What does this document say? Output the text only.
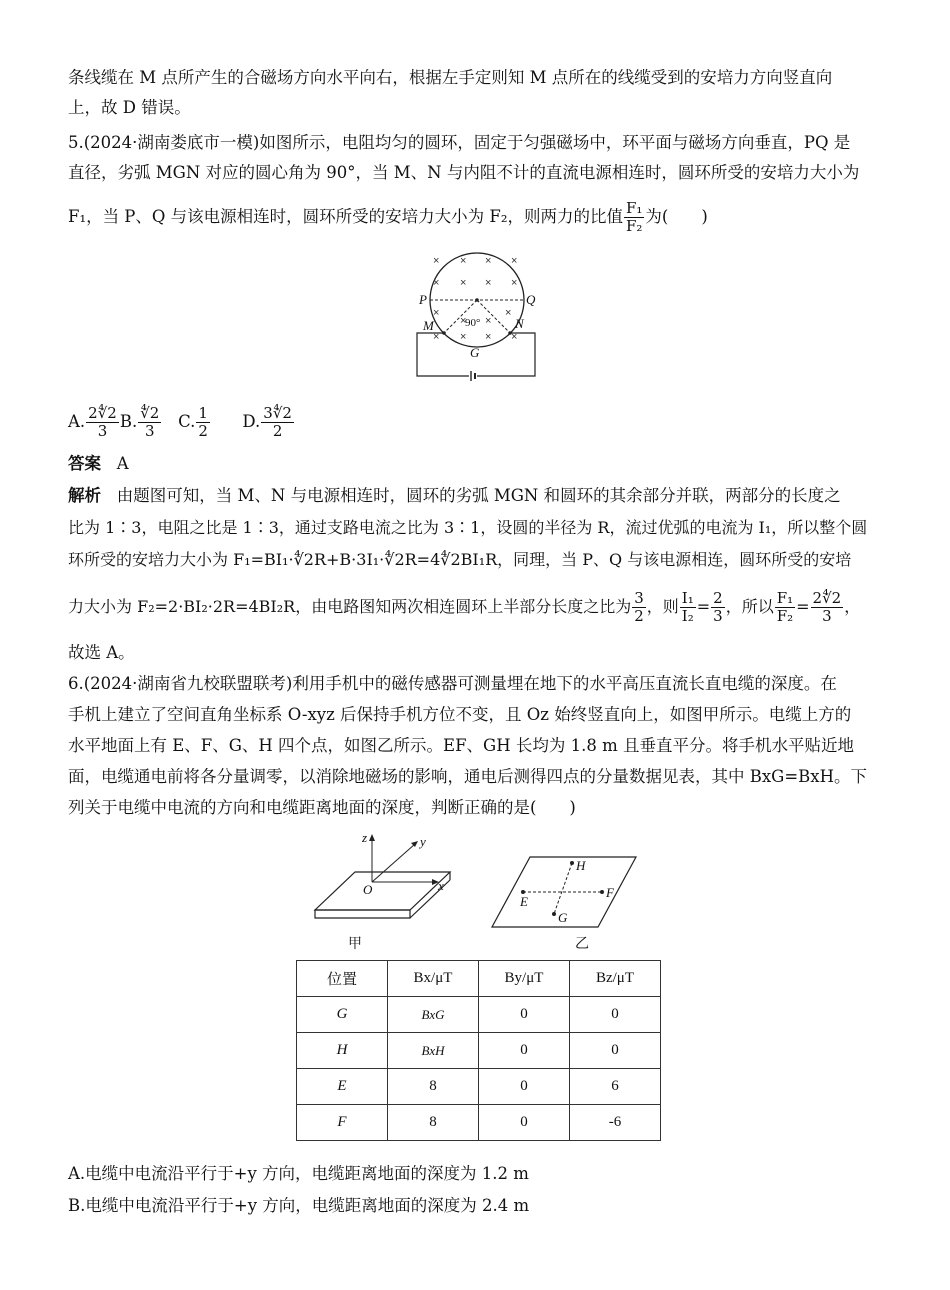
条线缆在 M 点所产生的合磁场方向水平向右，根据左手定则知 M 点所在的线缆受到的安培力方向竖直向
上，故 D 错误。
5.(2024·湖南娄底市一模)如图所示，电阻均匀的圆环，固定于匀强磁场中，环平面与磁场方向垂直，PQ 是
直径，劣弧 MGN 对应的圆心角为 90°，当 M、N 与内阻不计的直流电源相连时，圆环所受的安培力大小为
F₁，当 P、Q 与该电源相连时，圆环所受的安培力大小为 F₂，则两力的比值 $\frac{\text{F₁}}{\text{F₂}}$ 为(　　)
× × × ×
× × × ×
×	×
× × × ×
×
×
P	Q
M	N
G
90°
A. $\frac{2∜2}{3} B$. $\frac{∜2}{3} C$. $\frac{1}{2} D$. $\frac{3∜2}{2}$
答案 A
解析 由题图可知，当 M、N 与电源相连时，圆环的劣弧 MGN 和圆环的其余部分并联，两部分的长度之
比为 1∶3，电阻之比是 1∶3，通过支路电流之比为 3∶1，设圆的半径为 R，流过优弧的电流为 I₁，所以整个圆
环所受的安培力大小为 F₁=BI₁·∜2R+B·3I₁·∜2R=4∜2BI₁R，同理，当 P、Q 与该电源相连，圆环所受的安培
力大小为 F₂=2·BI₂·2R=4BI₂R，由电路图知两次相连圆环上半部分长度之比为 $\frac{3}{2}$ ，则 $\frac{\text{I₁}}{\text{I₂}} = \frac{2}{3}$ ，所以 $\frac{\text{F₁}}{\text{F₂}} = \frac{2∜2}{3}$ ，
故选 A。
6.(2024·湖南省九校联盟联考)利用手机中的磁传感器可测量埋在地下的水平高压直流长直电缆的深度。在
手机上建立了空间直角坐标系 O-xyz 后保持手机方位不变，且 Oz 始终竖直向上，如图甲所示。电缆上方的
水平地面上有 E、F、G、H 四个点，如图乙所示。EF、GH 长均为 1.8 m 且垂直平分。将手机水平贴近地
面，电缆通电前将各分量调零，以消除地磁场的影响，通电后测得四点的分量数据见表，其中 BxG=BxH。下
列关于电缆中电流的方向和电缆距离地面的深度，判断正确的是(　　)
z	y
x
O
甲
E
F
H
G
乙
位置	Bx/μT	By/μT	Bz/μT
G	BxG	0	0
H	BxH	0	0
E	8	0	6
F	8	0	-6
A.电缆中电流沿平行于+y 方向，电缆距离地面的深度为 1.2 m
B.电缆中电流沿平行于+y 方向，电缆距离地面的深度为 2.4 m
